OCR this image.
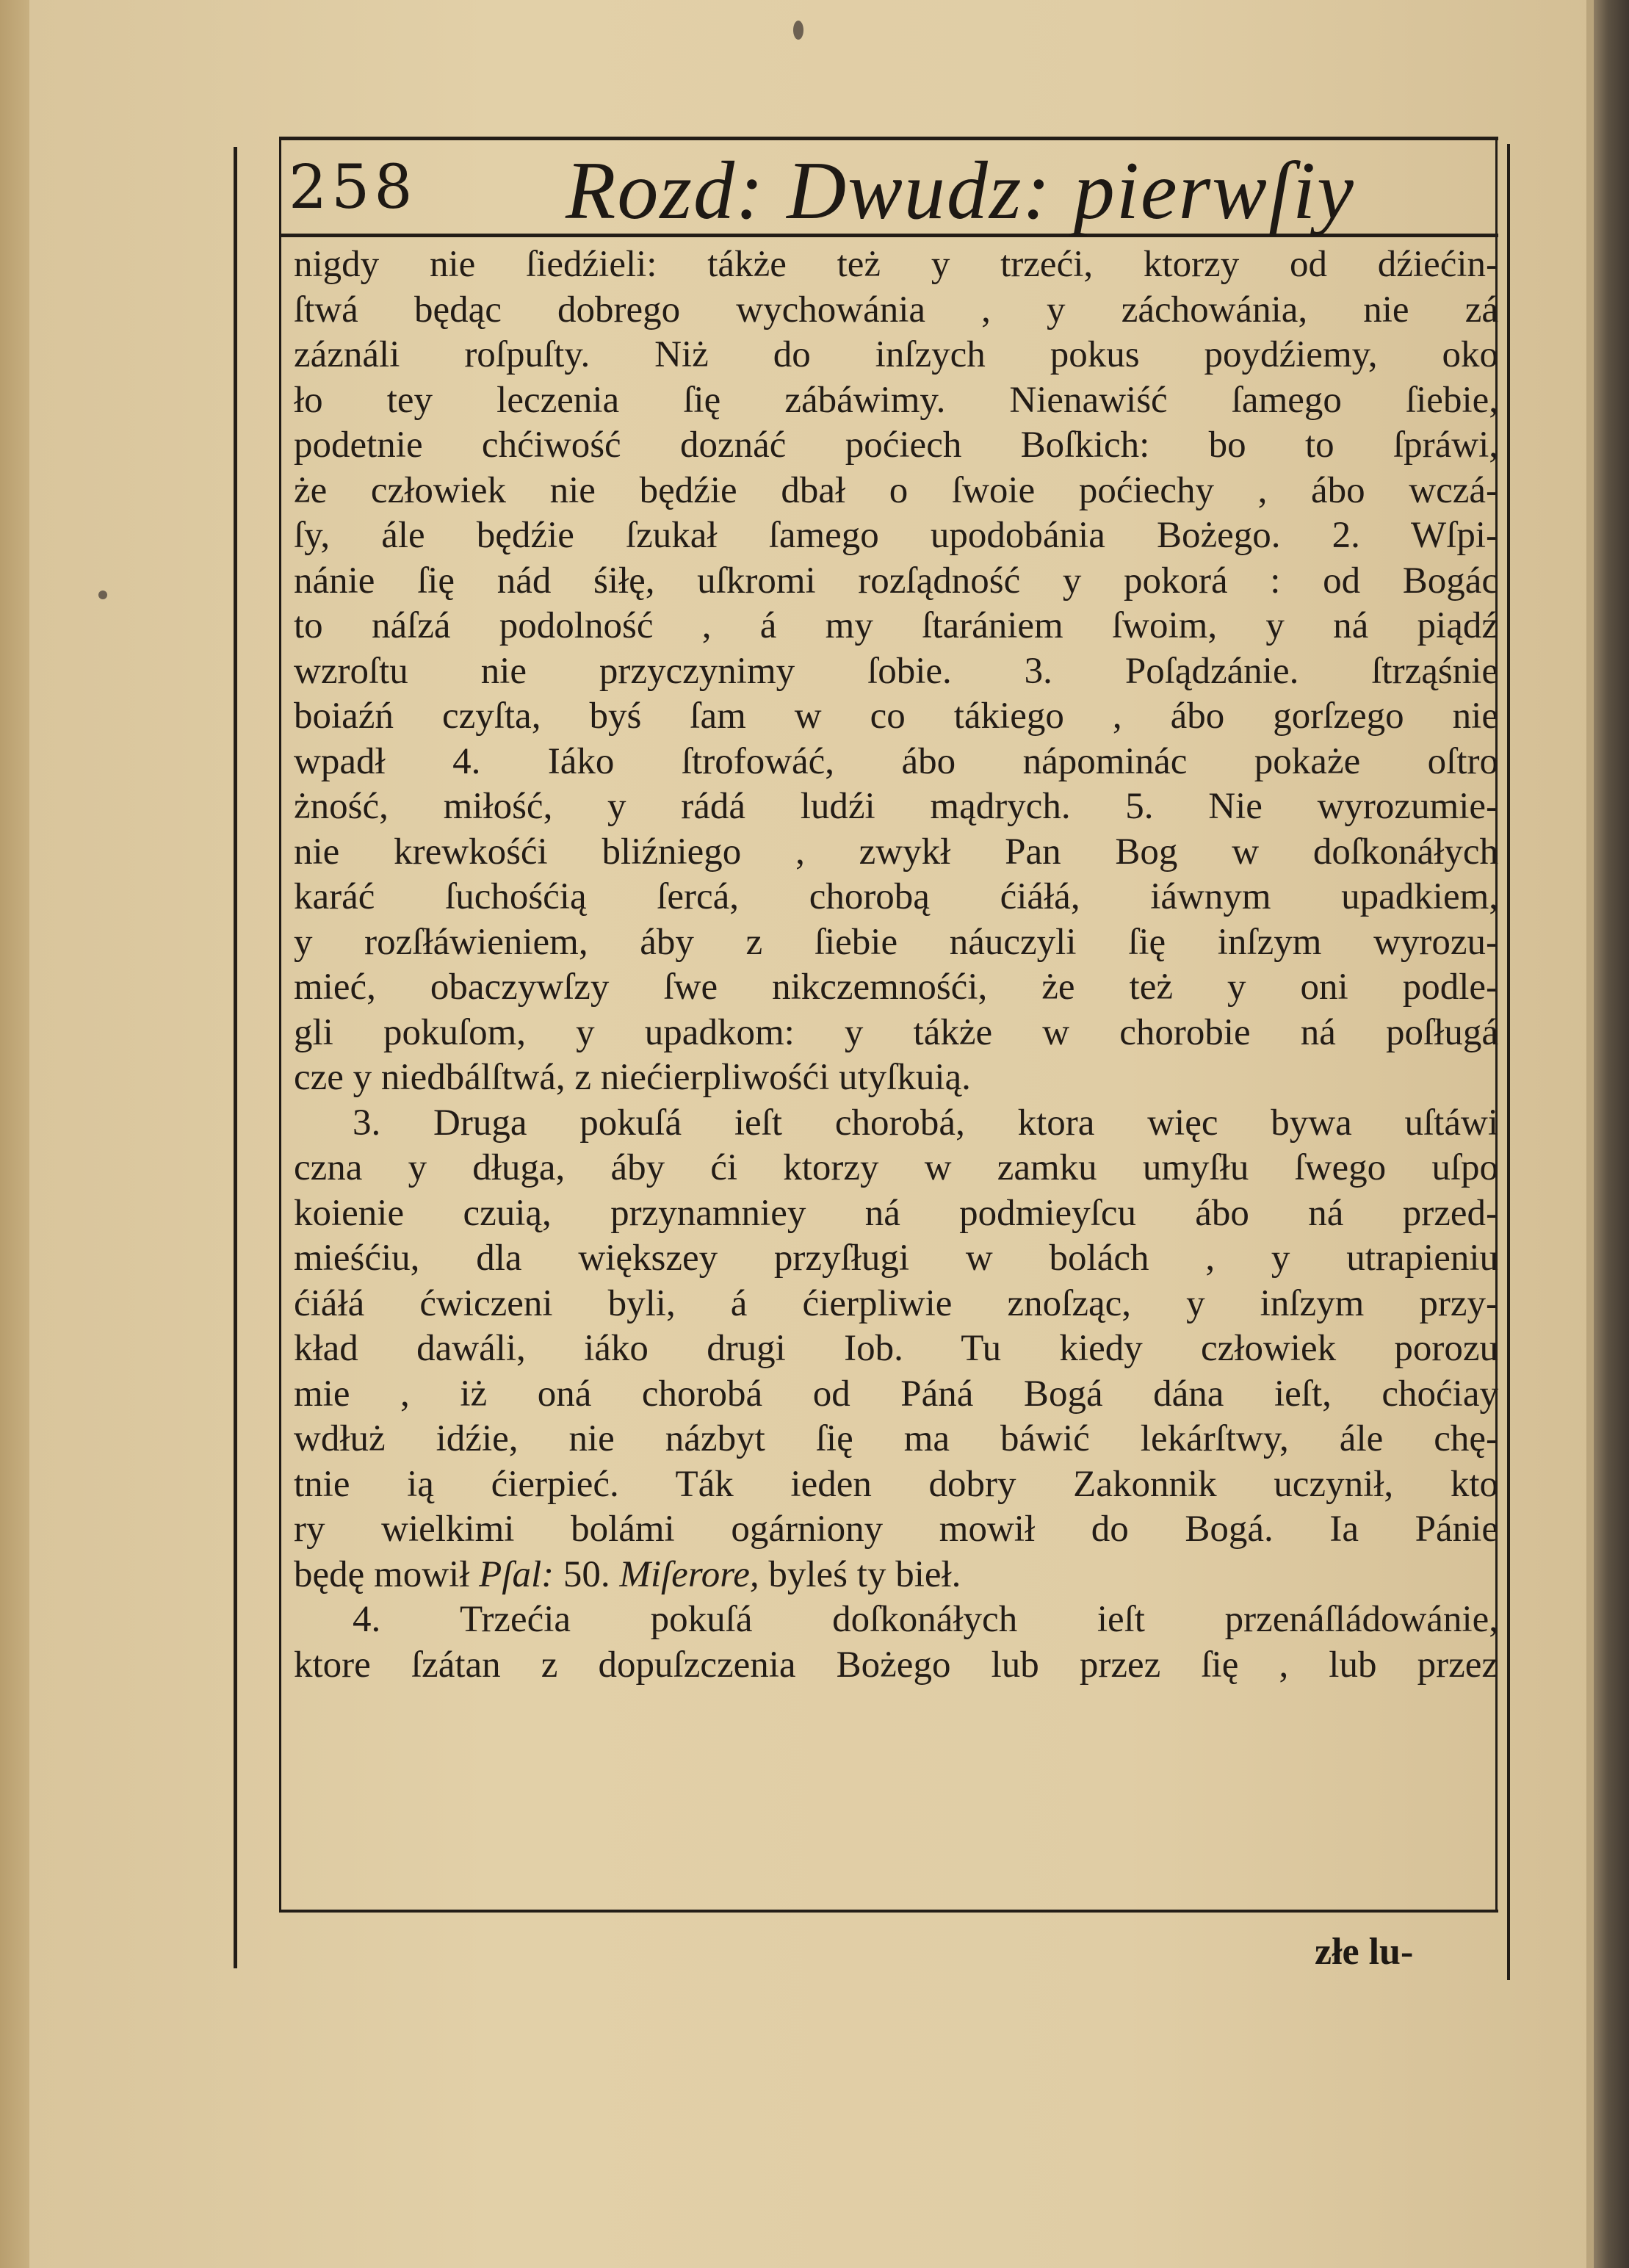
258 Rozd: Dwudz: pierwſiy
nigdy nie ſiedźieli: tákże też y trzeći, ktorzy od dźiećin-
ſtwá będąc dobrego wychowánia , y záchowánia, nie zá
záználi roſpuſty. Niż do inſzych pokus poydźiemy, oko
ło tey leczenia ſię zábáwimy. Nienawiść ſamego ſiebie,
podetnie chćiwość doznáć poćiech Boſkich: bo to ſpráwi,
że człowiek nie będźie dbał o ſwoie poćiechy , ábo wczá-
ſy, ále będźie ſzukał ſamego upodobánia Bożego. 2. Wſpi-
nánie ſię nád śiłę, uſkromi rozſądność y pokorá : od Bogác
to náſzá podolność , á my ſtarániem ſwoim, y ná piądź
wzroſtu nie przyczynimy ſobie. 3. Poſądzánie. ſtrząśnie
boiaźń czyſta, byś ſam w co tákiego , ábo gorſzego nie
wpadł 4. Iáko ſtrofowáć, ábo nápominác pokaże oſtro
żność, miłość, y rádá ludźi mądrych. 5. Nie wyrozumie-
nie krewkośći bliźniego , zwykł Pan Bog w doſkonáłych
karáć ſuchośćią ſercá, chorobą ćiáłá, iáwnym upadkiem,
y rozſłáwieniem, áby z ſiebie náuczyli ſię inſzym wyrozu-
mieć, obaczywſzy ſwe nikczemnośći, że też y oni podle-
gli pokuſom, y upadkom: y tákże w chorobie ná poſługá
cze y niedbálſtwá, z niećierpliwośći utyſkuią.
3. Druga pokuſá ieſt chorobá, ktora więc bywa uſtáwi
czna y długa, áby ći ktorzy w zamku umyſłu ſwego uſpo
koienie czuią, przynamniey ná podmieyſcu ábo ná przed-
mieśćiu, dla większey przyſługi w bolách , y utrapieniu
ćiáłá ćwiczeni byli, á ćierpliwie znoſząc, y inſzym przy-
kład dawáli, iáko drugi Iob. Tu kiedy człowiek porozu
mie , iż oná chorobá od Páná Bogá dána ieſt, choćiay
wdłuż idźie, nie názbyt ſię ma báwić lekárſtwy, ále chę-
tnie ią ćierpieć. Ták ieden dobry Zakonnik uczynił, kto
ry wielkimi bolámi ogárniony mowił do Bogá. Ia Pánie
będę mowił Pſal: 50. Miſerore, byleś ty bieł.
4. Trzećia pokuſá doſkonáłych ieſt przenáſládowánie,
ktore ſzátan z dopuſzczenia Bożego lub przez ſię , lub przez
złe lu-
